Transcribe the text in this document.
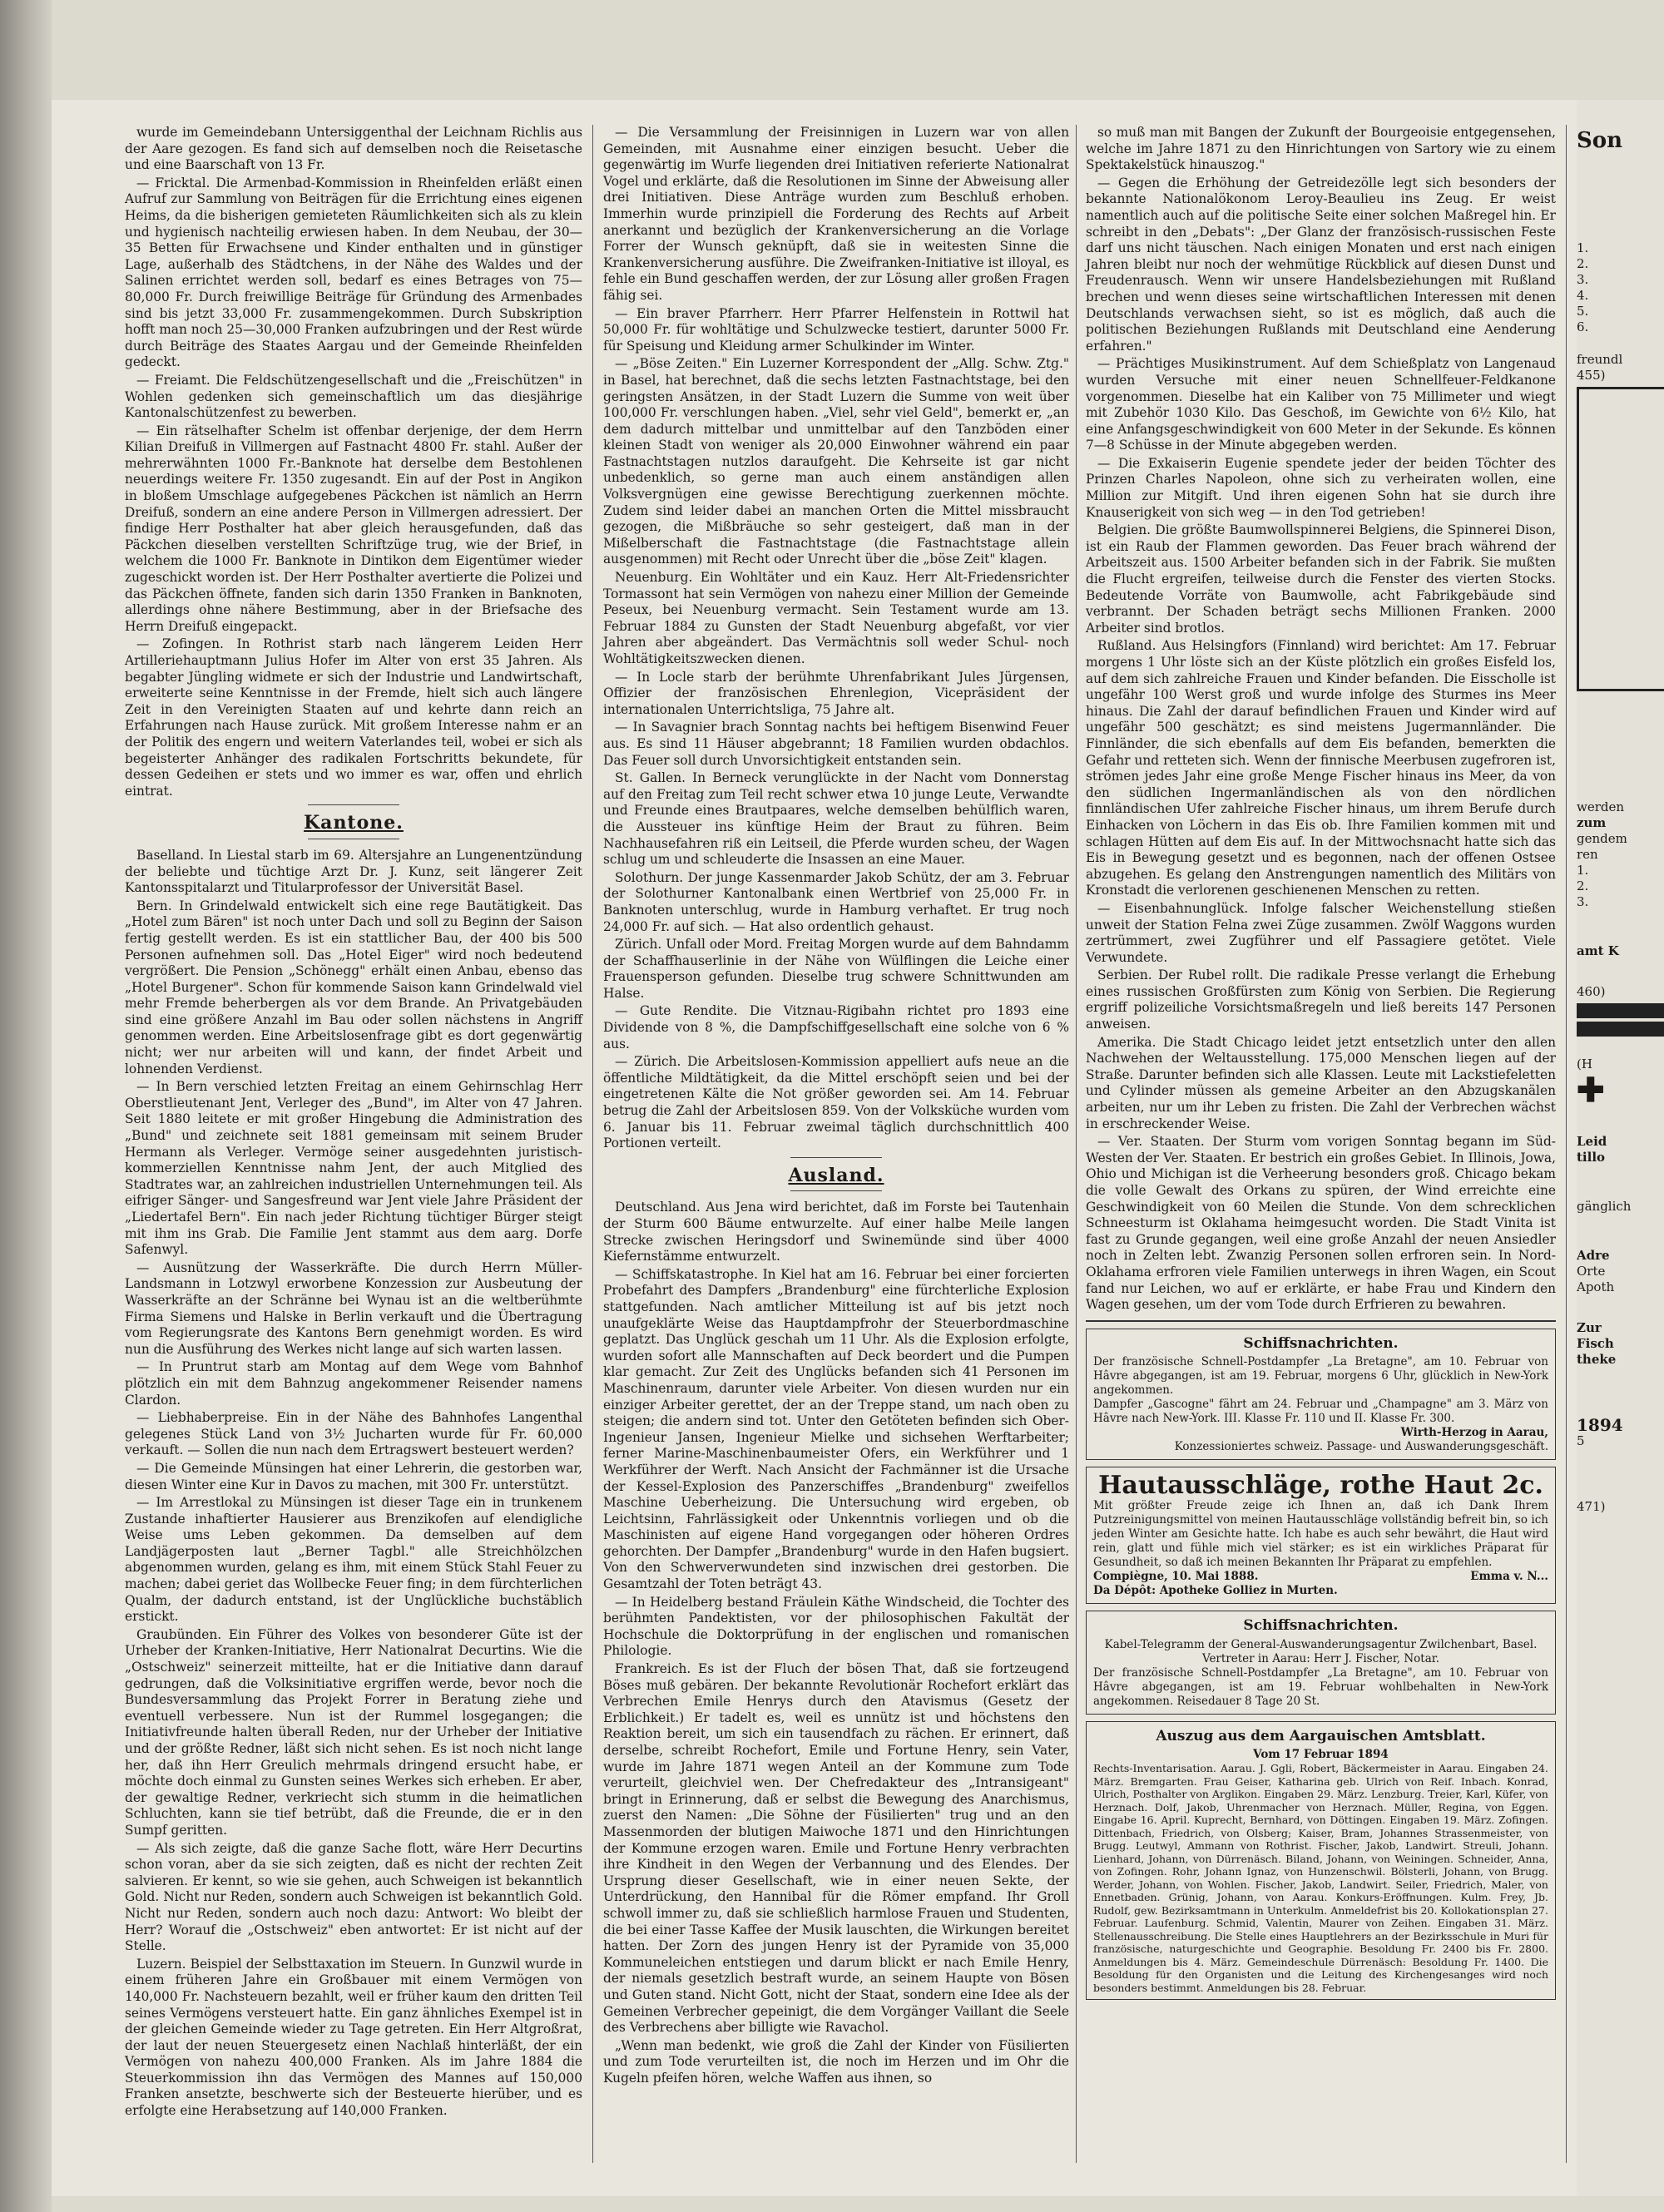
wurde im Gemeindebann Untersiggenthal der Leichnam Richlis aus der Aare gezogen. Es fand sich auf demselben noch die Reisetasche und eine Baarschaft von 13 Fr.

— Fricktal. Die Armenbad-Kommission in Rheinfelden erläßt einen Aufruf zur Sammlung von Beiträgen für die Errichtung eines eigenen Heims, da die bisherigen gemieteten Räumlichkeiten sich als zu klein und hygienisch nachteilig erwiesen haben. In dem Neubau, der 30—35 Betten für Erwachsene und Kinder enthalten und in günstiger Lage, außerhalb des Städtchens, in der Nähe des Waldes und der Salinen errichtet werden soll, bedarf es eines Betrages von 75—80,000 Fr. Durch freiwillige Beiträge für Gründung des Armenbades sind bis jetzt 33,000 Fr. zusammengekommen. Durch Subskription hofft man noch 25—30,000 Franken aufzubringen und der Rest würde durch Beiträge des Staates Aargau und der Gemeinde Rheinfelden gedeckt.

— Freiamt. Die Feldschützengesellschaft und die „Freischützen" in Wohlen gedenken sich gemeinschaftlich um das diesjährige Kantonalschützenfest zu bewerben.

— Ein rätselhafter Schelm ist offenbar derjenige, der dem Herrn Kilian Dreifuß in Villmergen auf Fastnacht 4800 Fr. stahl. Außer der mehrerwähnten 1000 Fr.-Banknote hat derselbe dem Bestohlenen neuerdings weitere Fr. 1350 zugesandt. Ein auf der Post in Angikon in bloßem Umschlage aufgegebenes Päckchen ist nämlich an Herrn Dreifuß, sondern an eine andere Person in Villmergen adressiert. Der findige Herr Posthalter hat aber gleich herausgefunden, daß das Päckchen dieselben verstellten Schriftzüge trug, wie der Brief, in welchem die 1000 Fr. Banknote in Dintikon dem Eigentümer wieder zugeschickt worden ist. Der Herr Posthalter avertierte die Polizei und das Päckchen öffnete, fanden sich darin 1350 Franken in Banknoten, allerdings ohne nähere Bestimmung, aber in der Briefsache des Herrn Dreifuß eingepackt.

— Zofingen. In Rothrist starb nach längerem Leiden Herr Artilleriehauptmann Julius Hofer im Alter von erst 35 Jahren. Als begabter Jüngling widmete er sich der Industrie und Landwirtschaft, erweiterte seine Kenntnisse in der Fremde, hielt sich auch längere Zeit in den Vereinigten Staaten auf und kehrte dann reich an Erfahrungen nach Hause zurück. Mit großem Interesse nahm er an der Politik des engern und weitern Vaterlandes teil, wobei er sich als begeisterter Anhänger des radikalen Fortschritts bekundete, für dessen Gedeihen er stets und wo immer es war, offen und ehrlich eintrat.

Kantone.

Baselland. In Liestal starb im 69. Altersjahre an Lungenentzündung der beliebte und tüchtige Arzt Dr. J. Kunz, seit längerer Zeit Kantonsspitalarzt und Titularprofessor der Universität Basel.

Bern. In Grindelwald entwickelt sich eine rege Bautätigkeit. Das „Hotel zum Bären" ist noch unter Dach und soll zu Beginn der Saison fertig gestellt werden. Es ist ein stattlicher Bau, der 400 bis 500 Personen aufnehmen soll. Das „Hotel Eiger" wird noch bedeutend vergrößert. Die Pension „Schönegg" erhält einen Anbau, ebenso das „Hotel Burgener". Schon für kommende Saison kann Grindelwald viel mehr Fremde beherbergen als vor dem Brande. An Privatgebäuden sind eine größere Anzahl im Bau oder sollen nächstens in Angriff genommen werden. Eine Arbeitslosenfrage gibt es dort gegenwärtig nicht; wer nur arbeiten will und kann, der findet Arbeit und lohnenden Verdienst.

— In Bern verschied letzten Freitag an einem Gehirnschlag Herr Oberstlieutenant Jent, Verleger des „Bund", im Alter von 47 Jahren. Seit 1880 leitete er mit großer Hingebung die Administration des „Bund" und zeichnete seit 1881 gemeinsam mit seinem Bruder Hermann als Verleger. Vermöge seiner ausgedehnten juristisch-kommerziellen Kenntnisse nahm Jent, der auch Mitglied des Stadtrates war, an zahlreichen industriellen Unternehmungen teil. Als eifriger Sänger- und Sangesfreund war Jent viele Jahre Präsident der „Liedertafel Bern". Ein nach jeder Richtung tüchtiger Bürger steigt mit ihm ins Grab. Die Familie Jent stammt aus dem aarg. Dorfe Safenwyl.

— Ausnützung der Wasserkräfte. Die durch Herrn Müller-Landsmann in Lotzwyl erworbene Konzession zur Ausbeutung der Wasserkräfte an der Schränne bei Wynau ist an die weltberühmte Firma Siemens und Halske in Berlin verkauft und die Übertragung vom Regierungsrate des Kantons Bern genehmigt worden. Es wird nun die Ausführung des Werkes nicht lange auf sich warten lassen.

— In Pruntrut starb am Montag auf dem Wege vom Bahnhof plötzlich ein mit dem Bahnzug angekommener Reisender namens Clardon.

— Liebhaberpreise. Ein in der Nähe des Bahnhofes Langenthal gelegenes Stück Land von 3½ Jucharten wurde für Fr. 60,000 verkauft. — Sollen die nun nach dem Ertragswert besteuert werden?

— Die Gemeinde Münsingen hat einer Lehrerin, die gestorben war, diesen Winter eine Kur in Davos zu machen, mit 300 Fr. unterstützt.

— Im Arrestlokal zu Münsingen ist dieser Tage ein in trunkenem Zustande inhaftierter Hausierer aus Brenzikofen auf elendigliche Weise ums Leben gekommen. Da demselben auf dem Landjägerposten laut „Berner Tagbl." alle Streichhölzchen abgenommen wurden, gelang es ihm, mit einem Stück Stahl Feuer zu machen; dabei geriet das Wollbecke Feuer fing; in dem fürchterlichen Qualm, der dadurch entstand, ist der Unglückliche buchstäblich erstickt.

Graubünden. Ein Führer des Volkes von besonderer Güte ist der Urheber der Kranken-Initiative, Herr Nationalrat Decurtins. Wie die „Ostschweiz" seinerzeit mitteilte, hat er die Initiative dann darauf gedrungen, daß die Volksinitiative ergriffen werde, bevor noch die Bundesversammlung das Projekt Forrer in Beratung ziehe und eventuell verbessere. Nun ist der Rummel losgegangen; die Initiativfreunde halten überall Reden, nur der Urheber der Initiative und der größte Redner, läßt sich nicht sehen. Es ist noch nicht lange her, daß ihn Herr Greulich mehrmals dringend ersucht habe, er möchte doch einmal zu Gunsten seines Werkes sich erheben. Er aber, der gewaltige Redner, verkriecht sich stumm in die heimatlichen Schluchten, kann sie tief betrübt, daß die Freunde, die er in den Sumpf geritten.

— Als sich zeigte, daß die ganze Sache flott, wäre Herr Decurtins schon voran, aber da sie sich zeigten, daß es nicht der rechten Zeit salvieren. Er kennt, so wie sie gehen, auch Schweigen ist bekanntlich Gold. Nicht nur Reden, sondern auch Schweigen ist bekanntlich Gold. Nicht nur Reden, sondern auch noch dazu: Antwort: Wo bleibt der Herr? Worauf die „Ostschweiz" eben antwortet: Er ist nicht auf der Stelle.

Luzern. Beispiel der Selbsttaxation im Steuern. In Gunzwil wurde in einem früheren Jahre ein Großbauer mit einem Vermögen von 140,000 Fr. Nachsteuern bezahlt, weil er früher kaum den dritten Teil seines Vermögens versteuert hatte. Ein ganz ähnliches Exempel ist in der gleichen Gemeinde wieder zu Tage getreten. Ein Herr Altgroßrat, der laut der neuen Steuergesetz einen Nachlaß hinterläßt, der ein Vermögen von nahezu 400,000 Franken. Als im Jahre 1884 die Steuerkommission ihn das Vermögen des Mannes auf 150,000 Franken ansetzte, beschwerte sich der Besteuerte hierüber, und es erfolgte eine Herabsetzung auf 140,000 Franken.

— Die Versammlung der Freisinnigen in Luzern war von allen Gemeinden, mit Ausnahme einer einzigen besucht. Ueber die gegenwärtig im Wurfe liegenden drei Initiativen referierte Nationalrat Vogel und erklärte, daß die Resolutionen im Sinne der Abweisung aller drei Initiativen. Diese Anträge wurden zum Beschluß erhoben. Immerhin wurde prinzipiell die Forderung des Rechts auf Arbeit anerkannt und bezüglich der Krankenversicherung an die Vorlage Forrer der Wunsch geknüpft, daß sie in weitesten Sinne die Krankenversicherung ausführe. Die Zweifranken-Initiative ist illoyal, es fehle ein Bund geschaffen werden, der zur Lösung aller großen Fragen fähig sei.

— Ein braver Pfarrherr. Herr Pfarrer Helfenstein in Rottwil hat 50,000 Fr. für wohltätige und Schulzwecke testiert, darunter 5000 Fr. für Speisung und Kleidung armer Schulkinder im Winter.

— „Böse Zeiten." Ein Luzerner Korrespondent der „Allg. Schw. Ztg." in Basel, hat berechnet, daß die sechs letzten Fastnachtstage, bei den geringsten Ansätzen, in der Stadt Luzern die Summe von weit über 100,000 Fr. verschlungen haben. „Viel, sehr viel Geld", bemerkt er, „an dem dadurch mittelbar und unmittelbar auf den Tanzböden einer kleinen Stadt von weniger als 20,000 Einwohner während ein paar Fastnachtstagen nutzlos daraufgeht. Die Kehrseite ist gar nicht unbedenklich, so gerne man auch einem anständigen allen Volksvergnügen eine gewisse Berechtigung zuerkennen möchte. Zudem sind leider dabei an manchen Orten die Mittel missbraucht gezogen, die Mißbräuche so sehr gesteigert, daß man in der Mißelberschaft die Fastnachtstage (die Fastnachtstage allein ausgenommen) mit Recht oder Unrecht über die „böse Zeit" klagen.

Neuenburg. Ein Wohltäter und ein Kauz. Herr Alt-Friedensrichter Tormassont hat sein Vermögen von nahezu einer Million der Gemeinde Peseux, bei Neuenburg vermacht. Sein Testament wurde am 13. Februar 1884 zu Gunsten der Stadt Neuenburg abgefaßt, vor vier Jahren aber abgeändert. Das Vermächtnis soll weder Schul- noch Wohltätigkeitszwecken dienen.

— In Locle starb der berühmte Uhrenfabrikant Jules Jürgensen, Offizier der französischen Ehrenlegion, Vicepräsident der internationalen Unterrichtsliga, 75 Jahre alt.

— In Savagnier brach Sonntag nachts bei heftigem Bisenwind Feuer aus. Es sind 11 Häuser abgebrannt; 18 Familien wurden obdachlos. Das Feuer soll durch Unvorsichtigkeit entstanden sein.

St. Gallen. In Berneck verunglückte in der Nacht vom Donnerstag auf den Freitag zum Teil recht schwer etwa 10 junge Leute, Verwandte und Freunde eines Brautpaares, welche demselben behülflich waren, die Aussteuer ins künftige Heim der Braut zu führen. Beim Nachhausefahren riß ein Leitseil, die Pferde wurden scheu, der Wagen schlug um und schleuderte die Insassen an eine Mauer.

Solothurn. Der junge Kassenmarder Jakob Schütz, der am 3. Februar der Solothurner Kantonalbank einen Wertbrief von 25,000 Fr. in Banknoten unterschlug, wurde in Hamburg verhaftet. Er trug noch 24,000 Fr. auf sich. — Hat also ordentlich gehaust.

Zürich. Unfall oder Mord. Freitag Morgen wurde auf dem Bahndamm der Schaffhauserlinie in der Nähe von Wülflingen die Leiche einer Frauensperson gefunden. Dieselbe trug schwere Schnittwunden am Halse.

— Gute Rendite. Die Vitznau-Rigibahn richtet pro 1893 eine Dividende von 8 %, die Dampfschiffgesellschaft eine solche von 6 % aus.

— Zürich. Die Arbeitslosen-Kommission appelliert aufs neue an die öffentliche Mildtätigkeit, da die Mittel erschöpft seien und bei der eingetretenen Kälte die Not größer geworden sei. Am 14. Februar betrug die Zahl der Arbeitslosen 859. Von der Volksküche wurden vom 6. Januar bis 11. Februar zweimal täglich durchschnittlich 400 Portionen verteilt.

Ausland.

Deutschland. Aus Jena wird berichtet, daß im Forste bei Tautenhain der Sturm 600 Bäume entwurzelte. Auf einer halbe Meile langen Strecke zwischen Heringsdorf und Swinemünde sind über 4000 Kiefernstämme entwurzelt.

— Schiffskatastrophe. In Kiel hat am 16. Februar bei einer forcierten Probefahrt des Dampfers „Brandenburg" eine fürchterliche Explosion stattgefunden. Nach amtlicher Mitteilung ist auf bis jetzt noch unaufgeklärte Weise das Hauptdampfrohr der Steuerbordmaschine geplatzt. Das Unglück geschah um 11 Uhr. Als die Explosion erfolgte, wurden sofort alle Mannschaften auf Deck beordert und die Pumpen klar gemacht. Zur Zeit des Unglücks befanden sich 41 Personen im Maschinenraum, darunter viele Arbeiter. Von diesen wurden nur ein einziger Arbeiter gerettet, der an der Treppe stand, um nach oben zu steigen; die andern sind tot. Unter den Getöteten befinden sich Ober-Ingenieur Jansen, Ingenieur Mielke und sichsehen Werftarbeiter; ferner Marine-Maschinenbaumeister Ofers, ein Werkführer und 1 Werkführer der Werft. Nach Ansicht der Fachmänner ist die Ursache der Kessel-Explosion des Panzerschiffes „Brandenburg" zweifellos Maschine Ueberheizung. Die Untersuchung wird ergeben, ob Leichtsinn, Fahrlässigkeit oder Unkenntnis vorliegen und ob die Maschinisten auf eigene Hand vorgegangen oder höheren Ordres gehorchten. Der Dampfer „Brandenburg" wurde in den Hafen bugsiert. Von den Schwerverwundeten sind inzwischen drei gestorben. Die Gesamtzahl der Toten beträgt 43.

— In Heidelberg bestand Fräulein Käthe Windscheid, die Tochter des berühmten Pandektisten, vor der philosophischen Fakultät der Hochschule die Doktorprüfung in der englischen und romanischen Philologie.

Frankreich. Es ist der Fluch der bösen That, daß sie fortzeugend Böses muß gebären. Der bekannte Revolutionär Rochefort erklärt das Verbrechen Emile Henrys durch den Atavismus (Gesetz der Erblichkeit.) Er tadelt es, weil es unnütz ist und höchstens den Reaktion bereit, um sich ein tausendfach zu rächen. Er erinnert, daß derselbe, schreibt Rochefort, Emile und Fortune Henry, sein Vater, wurde im Jahre 1871 wegen Anteil an der Kommune zum Tode verurteilt, gleichviel wen. Der Chefredakteur des „Intransigeant" bringt in Erinnerung, daß er selbst die Bewegung des Anarchismus, zuerst den Namen: „Die Söhne der Füsilierten" trug und an den Massenmorden der blutigen Maiwoche 1871 und den Hinrichtungen der Kommune erzogen waren. Emile und Fortune Henry verbrachten ihre Kindheit in den Wegen der Verbannung und des Elendes. Der Ursprung dieser Gesellschaft, wie in einer neuen Sekte, der Unterdrückung, den Hannibal für die Römer empfand. Ihr Groll schwoll immer zu, daß sie schließlich harmlose Frauen und Studenten, die bei einer Tasse Kaffee der Musik lauschten, die Wirkungen bereitet hatten. Der Zorn des jungen Henry ist der Pyramide von 35,000 Kommuneleichen entstiegen und darum blickt er nach Emile Henry, der niemals gesetzlich bestraft wurde, an seinem Haupte von Bösen und Guten stand. Nicht Gott, nicht der Staat, sondern eine Idee als der Gemeinen Verbrecher gepeinigt, die dem Vorgänger Vaillant die Seele des Verbrechens aber billigte wie Ravachol.

„Wenn man bedenkt, wie groß die Zahl der Kinder von Füsilierten und zum Tode verurteilten ist, die noch im Herzen und im Ohr die Kugeln pfeifen hören, welche Waffen aus ihnen, so

so muß man mit Bangen der Zukunft der Bourgeoisie entgegensehen, welche im Jahre 1871 zu den Hinrichtungen von Sartory wie zu einem Spektakelstück hinauszog."

— Gegen die Erhöhung der Getreidezölle legt sich besonders der bekannte Nationalökonom Leroy-Beaulieu ins Zeug. Er weist namentlich auch auf die politische Seite einer solchen Maßregel hin. Er schreibt in den „Debats": „Der Glanz der französisch-russischen Feste darf uns nicht täuschen. Nach einigen Monaten und erst nach einigen Jahren bleibt nur noch der wehmütige Rückblick auf diesen Dunst und Freudenrausch. Wenn wir unsere Handelsbeziehungen mit Rußland brechen und wenn dieses seine wirtschaftlichen Interessen mit denen Deutschlands verwachsen sieht, so ist es möglich, daß auch die politischen Beziehungen Rußlands mit Deutschland eine Aenderung erfahren."

— Prächtiges Musikinstrument. Auf dem Schießplatz von Langenaud wurden Versuche mit einer neuen Schnellfeuer-Feldkanone vorgenommen. Dieselbe hat ein Kaliber von 75 Millimeter und wiegt mit Zubehör 1030 Kilo. Das Geschoß, im Gewichte von 6½ Kilo, hat eine Anfangsgeschwindigkeit von 600 Meter in der Sekunde. Es können 7—8 Schüsse in der Minute abgegeben werden.

— Die Exkaiserin Eugenie spendete jeder der beiden Töchter des Prinzen Charles Napoleon, ohne sich zu verheiraten wollen, eine Million zur Mitgift. Und ihren eigenen Sohn hat sie durch ihre Knauserigkeit von sich weg — in den Tod getrieben!

Belgien. Die größte Baumwollspinnerei Belgiens, die Spinnerei Dison, ist ein Raub der Flammen geworden. Das Feuer brach während der Arbeitszeit aus. 1500 Arbeiter befanden sich in der Fabrik. Sie mußten die Flucht ergreifen, teilweise durch die Fenster des vierten Stocks. Bedeutende Vorräte von Baumwolle, acht Fabrikgebäude sind verbrannt. Der Schaden beträgt sechs Millionen Franken. 2000 Arbeiter sind brotlos.

Rußland. Aus Helsingfors (Finnland) wird berichtet: Am 17. Februar morgens 1 Uhr löste sich an der Küste plötzlich ein großes Eisfeld los, auf dem sich zahlreiche Frauen und Kinder befanden. Die Eisscholle ist ungefähr 100 Werst groß und wurde infolge des Sturmes ins Meer hinaus. Die Zahl der darauf befindlichen Frauen und Kinder wird auf ungefähr 500 geschätzt; es sind meistens Jugermannländer. Die Finnländer, die sich ebenfalls auf dem Eis befanden, bemerkten die Gefahr und retteten sich. Wenn der finnische Meerbusen zugefroren ist, strömen jedes Jahr eine große Menge Fischer hinaus ins Meer, da von den südlichen Ingermanländischen als von den nördlichen finnländischen Ufer zahlreiche Fischer hinaus, um ihrem Berufe durch Einhacken von Löchern in das Eis ob. Ihre Familien kommen mit und schlagen Hütten auf dem Eis auf. In der Mittwochsnacht hatte sich das Eis in Bewegung gesetzt und es begonnen, nach der offenen Ostsee abzugehen. Es gelang den Anstrengungen namentlich des Militärs von Kronstadt die verlorenen geschienenen Menschen zu retten.

— Eisenbahnunglück. Infolge falscher Weichenstellung stießen unweit der Station Felna zwei Züge zusammen. Zwölf Waggons wurden zertrümmert, zwei Zugführer und elf Passagiere getötet. Viele Verwundete.

Serbien. Der Rubel rollt. Die radikale Presse verlangt die Erhebung eines russischen Großfürsten zum König von Serbien. Die Regierung ergriff polizeiliche Vorsichtsmaßregeln und ließ bereits 147 Personen anweisen.

Amerika. Die Stadt Chicago leidet jetzt entsetzlich unter den allen Nachwehen der Weltausstellung. 175,000 Menschen liegen auf der Straße. Darunter befinden sich alle Klassen. Leute mit Lackstiefeletten und Cylinder müssen als gemeine Arbeiter an den Abzugskanälen arbeiten, nur um ihr Leben zu fristen. Die Zahl der Verbrechen wächst in erschreckender Weise.

— Ver. Staaten. Der Sturm vom vorigen Sonntag begann im Süd-Westen der Ver. Staaten. Er bestrich ein großes Gebiet. In Illinois, Jowa, Ohio und Michigan ist die Verheerung besonders groß. Chicago bekam die volle Gewalt des Orkans zu spüren, der Wind erreichte eine Geschwindigkeit von 60 Meilen die Stunde. Von dem schrecklichen Schneesturm ist Oklahama heimgesucht worden. Die Stadt Vinita ist fast zu Grunde gegangen, weil eine große Anzahl der neuen Ansiedler noch in Zelten lebt. Zwanzig Personen sollen erfroren sein. In Nord-Oklahama erfroren viele Familien unterwegs in ihren Wagen, ein Scout fand nur Leichen, wo auf er erklärte, er habe Frau und Kindern den Wagen gesehen, um der vom Tode durch Erfrieren zu bewahren.

Schiffsnachrichten.
Der französische Schnell-Postdampfer „La Bretagne", am 10. Februar von Hâvre abgegangen, ist am 19. Februar, morgens 6 Uhr, glücklich in New-York angekommen.
Dampfer „Gascogne" fährt am 24. Februar und „Champagne" am 3. März von Hâvre nach New-York. III. Klasse Fr. 110 und II. Klasse Fr. 300.
Wirth-Herzog in Aarau,
Konzessioniertes schweiz. Passage- und Auswanderungsgeschäft.
Hautausschläge, rothe Haut 2c.
Mit größter Freude zeige ich Ihnen an, daß ich Dank Ihrem Putzreinigungsmittel von meinen Hautausschläge vollständig befreit bin, so ich jeden Winter am Gesichte hatte. Ich habe es auch sehr bewährt, die Haut wird rein, glatt und fühle mich viel stärker; es ist ein wirkliches Präparat für Gesundheit, so daß ich meinen Bekannten Ihr Präparat zu empfehlen.
Compiègne, 10. Mai 1888.	Emma v. N...
Da Dépôt: Apotheke Golliez in Murten.
Schiffsnachrichten.
Kabel-Telegramm der General-Auswanderungsagentur Zwilchenbart, Basel.
Vertreter in Aarau: Herr J. Fischer, Notar.
Der französische Schnell-Postdampfer „La Bretagne", am 10. Februar von Hâvre abgegangen, ist am 19. Februar wohlbehalten in New-York angekommen. Reisedauer 8 Tage 20 St.
Auszug aus dem Aargauischen Amtsblatt.
Vom 17 Februar 1894
Rechts-Inventarisation. Aarau. J. Ggli, Robert, Bäckermeister in Aarau. Eingaben 24. März. Bremgarten. Frau Geiser, Katharina geb. Ulrich von Reif. Inbach. Konrad, Ulrich, Posthalter von Arglikon. Eingaben 29. März. Lenzburg. Treier, Karl, Küfer, von Herznach. Dolf, Jakob, Uhrenmacher von Herznach. Müller, Regina, von Eggen. Eingabe 16. April. Kuprecht, Bernhard, von Döttingen. Eingaben 19. März. Zofingen. Dittenbach, Friedrich, von Olsberg; Kaiser, Bram, Johannes Strassenmeister, von Brugg. Leutwyl, Ammann von Rothrist. Fischer, Jakob, Landwirt. Streuli, Johann. Lienhard, Johann, von Dürrenäsch. Biland, Johann, von Weiningen. Schneider, Anna, von Zofingen. Rohr, Johann Ignaz, von Hunzenschwil. Bölsterli, Johann, von Brugg. Werder, Johann, von Wohlen. Fischer, Jakob, Landwirt. Seiler, Friedrich, Maler, von Ennetbaden. Grünig, Johann, von Aarau. Konkurs-Eröffnungen. Kulm. Frey, Jb. Rudolf, gew. Bezirksamtmann in Unterkulm. Anmeldefrist bis 20. Kollokationsplan 27. Februar. Laufenburg. Schmid, Valentin, Maurer von Zeihen. Eingaben 31. März. Stellenausschreibung. Die Stelle eines Hauptlehrers an der Bezirksschule in Muri für französische, naturgeschichte und Geographie. Besoldung Fr. 2400 bis Fr. 2800. Anmeldungen bis 4. März. Gemeindeschule Dürrenäsch: Besoldung Fr. 1400. Die Besoldung für den Organisten und die Leitung des Kirchengesanges wird noch besonders bestimmt. Anmeldungen bis 28. Februar.
Son
1.
2.
3.
4.
5.
6.
freundl
455)
werden
zum
gendem
ren
1.
2.
3.
amt K
460)
(H
✚
Leid
tillo
gänglich
Adre
Orte
Apoth
Zur
Fisch
theke
1894
5
471)
